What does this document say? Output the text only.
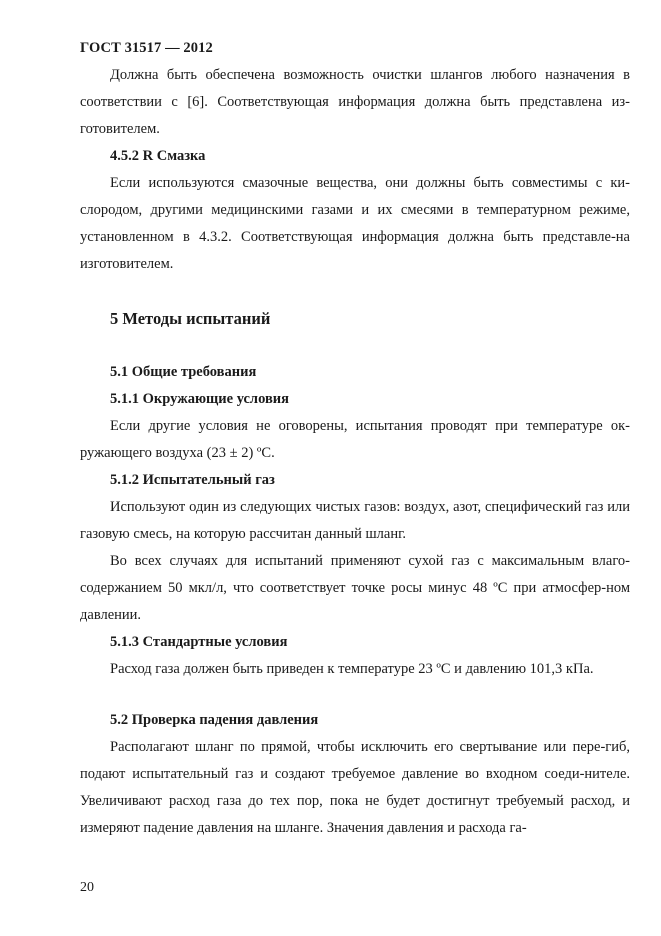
ГОСТ 31517 — 2012

Должна быть обеспечена возможность очистки шлангов любого назначения в соответствии с [6]. Соответствующая информация должна быть представлена из-готовителем.

4.5.2 R Смазка

Если используются смазочные вещества, они должны быть совместимы с ки-слородом, другими медицинскими газами и их смесями в температурном режиме, установленном в 4.3.2. Соответствующая информация должна быть представле-на изготовителем.

5 Методы испытаний
5.1 Общие требования
5.1.1 Окружающие условия

Если другие условия не оговорены, испытания проводят при температуре ок-ружающего воздуха (23 ± 2) ºС.

5.1.2 Испытательный газ

Используют один из следующих чистых газов: воздух, азот, специфический газ или газовую смесь, на которую рассчитан данный шланг.

Во всех случаях для испытаний применяют сухой газ с максимальным влаго-содержанием 50 мкл/л, что соответствует точке росы минус 48 ºС при атмосфер-ном давлении.

5.1.3 Стандартные условия

Расход газа должен быть приведен к температуре 23 ºС и давлению 101,3 кПа.

5.2 Проверка падения давления

Располагают шланг по прямой, чтобы исключить его свертывание или пере-гиб, подают испытательный газ и создают требуемое давление во входном соеди-нителе. Увеличивают расход газа до тех пор, пока не будет достигнут требуемый расход, и измеряют падение давления на шланге. Значения давления и расхода га-

20
